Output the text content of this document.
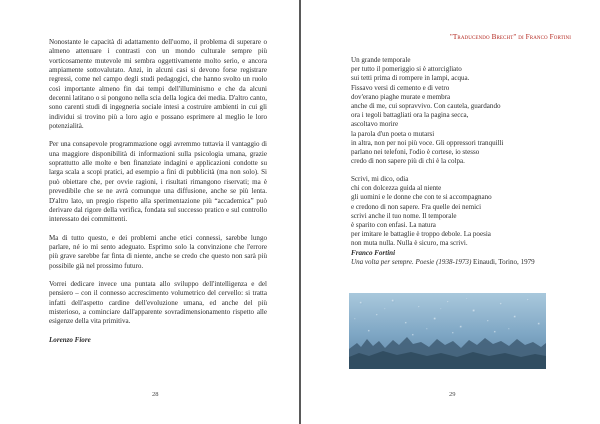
Nonostante le capacità di adattamento dell'uomo, il problema di superare o almeno attenuare i contrasti con un mondo culturale sempre più vorticosamente mutevole mi sembra oggettivamente molto serio, e ancora ampiamente sottovalutato. Anzi, in alcuni casi si devono forse registrare regressi, come nel campo degli studi pedagogici, che hanno svolto un ruolo così importante almeno fin dai tempi dell'illuminismo e che da alcuni decenni latitano o si pongono nella scia della logica dei media. D'altro canto, sono carenti studi di ingegneria sociale intesi a costruire ambienti in cui gli individui si trovino più a loro agio e possano esprimere al meglio le loro potenzialità.

Per una consapevole programmazione oggi avremmo tuttavia il vantaggio di una maggiore disponibilità di informazioni sulla psicologia umana, grazie soprattutto alle molte e ben finanziate indagini e applicazioni condotte su larga scala a scopi pratici, ad esempio a fini di pubblicità (ma non solo). Si può obiettare che, per ovvie ragioni, i risultati rimangono riservati; ma è prevedibile che se ne avrà comunque una diffusione, anche se più lenta. D'altro lato, un pregio rispetto alla sperimentazione più “accademica” può derivare dal rigore della verifica, fondata sul successo pratico e sul controllo interessato dei committenti.

Ma di tutto questo, e dei problemi anche etici connessi, sarebbe lungo parlare, né io mi sento adeguato. Esprimo solo la convinzione che l'errore più grave sarebbe far finta di niente, anche se credo che questo non sarà più possibile già nel prossimo futuro.

Vorrei dedicare invece una puntata allo sviluppo dell'intelligenza e del pensiero – con il connesso accrescimento volumetrico del cervello: si tratta infatti dell'aspetto cardine dell'evoluzione umana, ed anche del più misterioso, a cominciare dall'apparente sovradimensionamento rispetto alle esigenze della vita primitiva.

Lorenzo Fiore
28
"Traducendo Brecht" di Franco Fortini
Un grande temporale
per tutto il pomeriggio si è attorcigliato
sui tetti prima di rompere in lampi, acqua.
Fissavo versi di cemento e di vetro
dov'erano piaghe murate e membra
anche di me, cui sopravvivo. Con cautela, guardando
ora i tegoli battagliati ora la pagina secca,
ascoltavo morire
la parola d'un poeta o mutarsi
in altra, non per noi più voce. Gli oppressori tranquilli
parlano nei telefoni, l'odio è cortese, io stesso
credo di non sapere più di chi è la colpa.
Scrivi, mi dico, odia
chi con dolcezza guida al niente
gli uomini e le donne che con te si accompagnano
e credono di non sapere. Fra quelle dei nemici
scrivi anche il tuo nome. Il temporale
è sparito con enfasi. La natura
per imitare le battaglie è troppo debole. La poesia
non muta nulla. Nulla è sicuro, ma scrivi.
Franco Fortini
Una volta per sempre. Poesie (1938-1973) Einaudi, Torino, 1979
29
